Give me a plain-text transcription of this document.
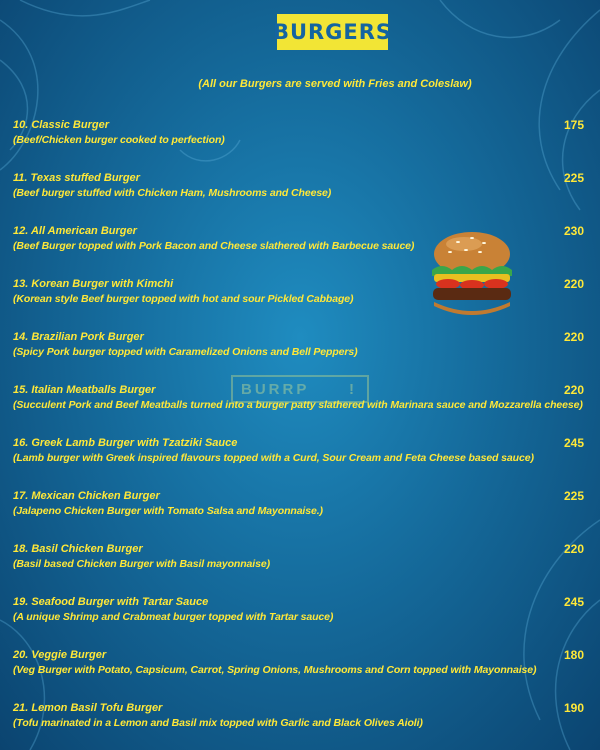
BURGERS
(All our Burgers are served with Fries and Coleslaw)
BURRP	!
10. Classic Burger
(Beef/Chicken burger cooked to perfection)
175
11. Texas stuffed Burger
(Beef burger stuffed with Chicken Ham, Mushrooms and Cheese)
225
12. All American Burger
(Beef Burger topped with Pork Bacon and Cheese slathered with Barbecue sauce)
230
13. Korean Burger with Kimchi
(Korean style Beef burger topped with hot and sour Pickled Cabbage)
220
14. Brazilian Pork Burger
(Spicy Pork burger topped with Caramelized Onions and Bell Peppers)
220
15. Italian Meatballs Burger
(Succulent Pork and Beef Meatballs turned into a burger patty slathered with Marinara sauce and Mozzarella cheese)
220
16. Greek Lamb Burger with Tzatziki Sauce
(Lamb burger with Greek inspired flavours topped with a Curd, Sour Cream and Feta Cheese based sauce)
245
17. Mexican Chicken Burger
(Jalapeno Chicken Burger with Tomato Salsa and Mayonnaise.)
225
18. Basil Chicken Burger
(Basil based Chicken Burger with Basil mayonnaise)
220
19. Seafood Burger with Tartar Sauce
(A unique Shrimp and Crabmeat burger topped with Tartar sauce)
245
20. Veggie Burger
(Veg Burger with Potato, Capsicum, Carrot, Spring Onions, Mushrooms and Corn topped with Mayonnaise)
180
21. Lemon Basil Tofu Burger
(Tofu marinated in a Lemon and Basil mix topped with Garlic and Black Olives Aioli)
190
